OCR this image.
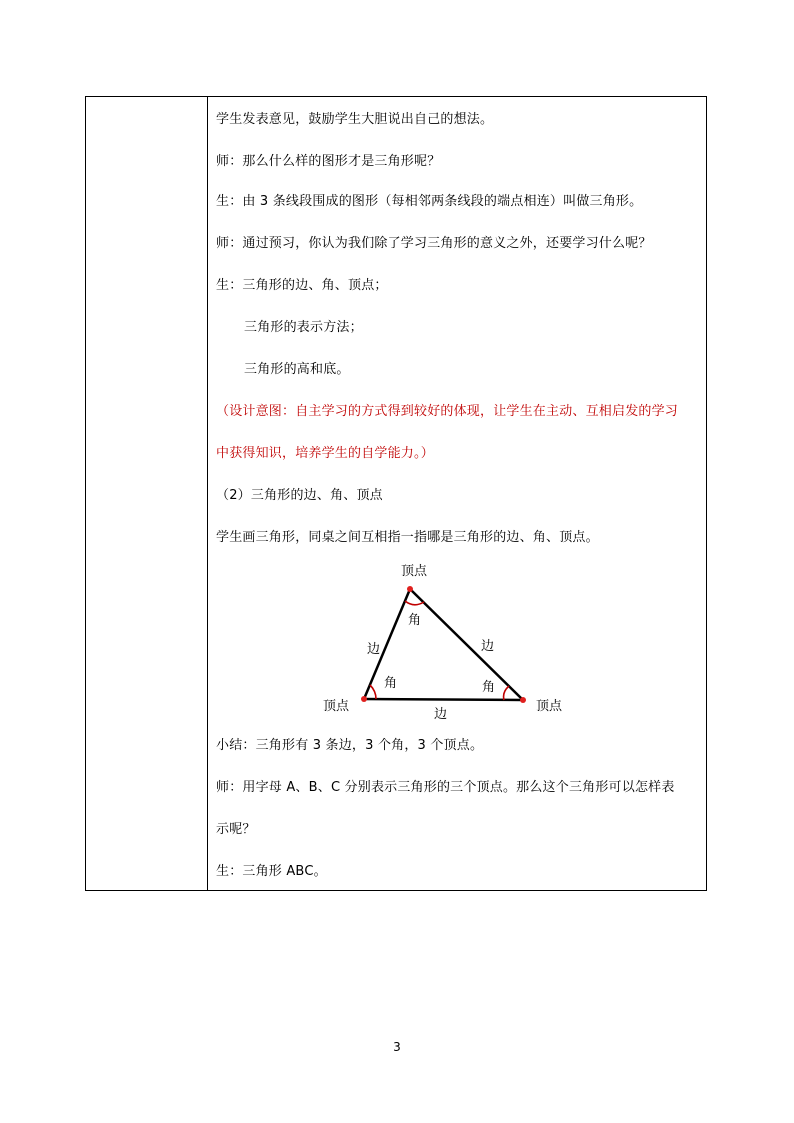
学生发表意见，鼓励学生大胆说出自己的想法。
师：那么什么样的图形才是三角形呢？
生：由 3 条线段围成的图形（每相邻两条线段的端点相连）叫做三角形。
师：通过预习，你认为我们除了学习三角形的意义之外，还要学习什么呢？
生：三角形的边、角、顶点；
三角形的表示方法；
三角形的高和底。
（设计意图：自主学习的方式得到较好的体现，让学生在主动、互相启发的学习
中获得知识，培养学生的自学能力。）
（2）三角形的边、角、顶点
学生画三角形，同桌之间互相指一指哪是三角形的边、角、顶点。
顶点
角
边	边
角	角
顶点	顶点
边
小结：三角形有 3 条边，3 个角，3 个顶点。
师：用字母 A、B、C 分别表示三角形的三个顶点。那么这个三角形可以怎样表
示呢？
生：三角形 ABC。
3
